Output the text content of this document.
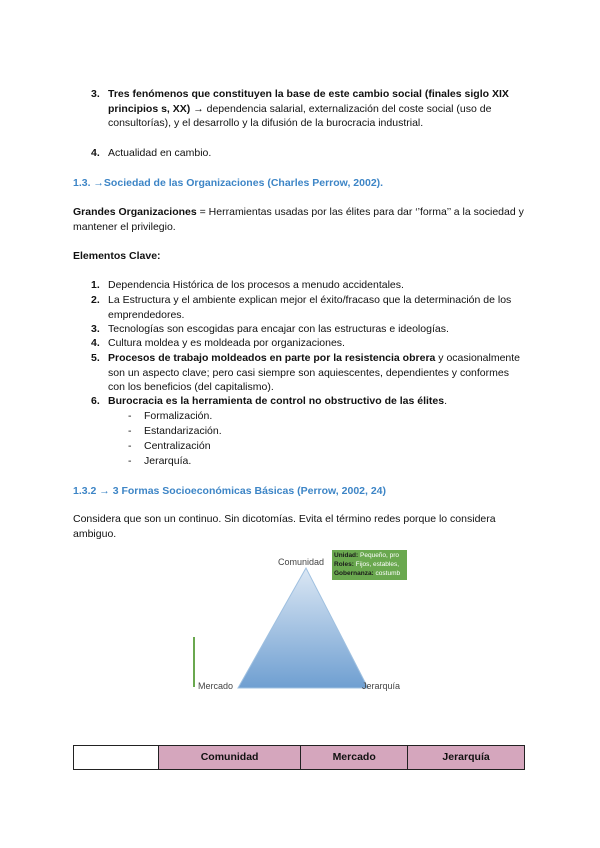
3. Tres fenómenos que constituyen la base de este cambio social (finales siglo XIX principios s, XX) → dependencia salarial, externalización del coste social (uso de consultorías), y el desarrollo y la difusión de la burocracia industrial.
4. Actualidad en cambio.
1.3. →Sociedad de las Organizaciones (Charles Perrow, 2002).
Grandes Organizaciones = Herramientas usadas por las élites para dar ‘’forma’’ a la sociedad y mantener el privilegio.
Elementos Clave:
1. Dependencia Histórica de los procesos a menudo accidentales.
2. La Estructura y el ambiente explican mejor el éxito/fracaso que la determinación de los emprendedores.
3. Tecnologías son escogidas para encajar con las estructuras e ideologías.
4. Cultura moldea y es moldeada por organizaciones.
5. Procesos de trabajo moldeados en parte por la resistencia obrera y ocasionalmente son un aspecto clave; pero casi siempre son aquiescentes, dependientes y conformes con los beneficios (del capitalismo).
6. Burocracia es la herramienta de control no obstructivo de las élites.
- Formalización.
- Estandarización.
- Centralización
- Jerarquía.
1.3.2 → 3 Formas Socioeconómicas Básicas (Perrow, 2002, 24)
Considera que son un continuo. Sin dicotomías. Evita el término redes porque lo considera ambiguo.
Comunidad
Mercado	Jerarquía
Unidad: Pequeño, pro
Roles: Fijos, estables,
Gobernanza: costumb
	Comunidad	Mercado	Jerarquía
